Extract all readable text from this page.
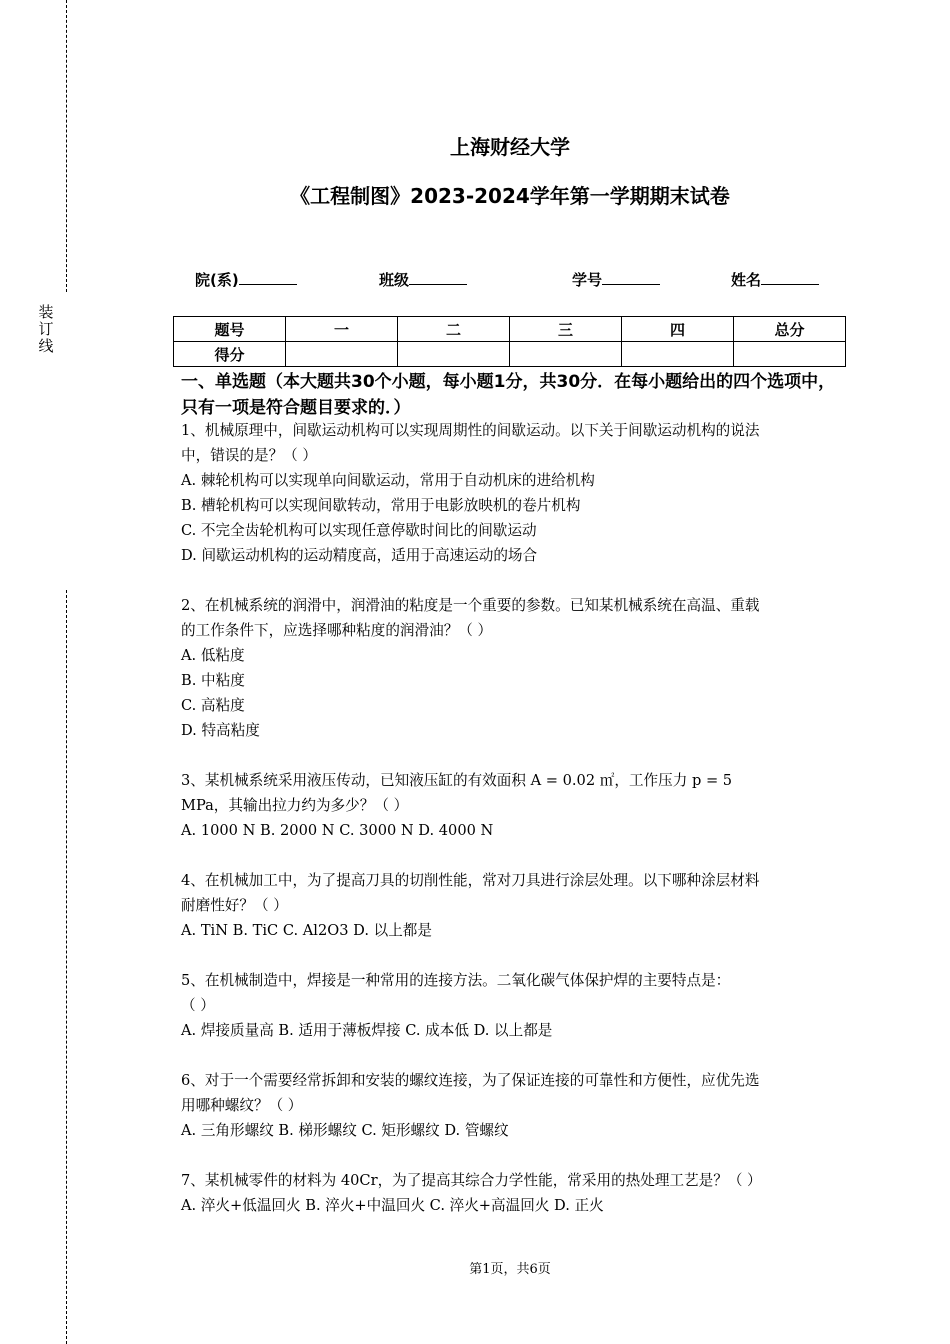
装
订
线
上海财经大学
《工程制图》2023-2024学年第一学期期末试卷
院(系)	班级	学号	姓名
题号	一	二	三	四	总分
得分					
一、单选题（本大题共30个小题，每小题1分，共30分．在每小题给出的四个选项中，只有一项是符合题目要求的．）
1、机械原理中，间歇运动机构可以实现周期性的间歇运动。以下关于间歇运动机构的说法
中，错误的是？（ ）
A. 棘轮机构可以实现单向间歇运动，常用于自动机床的进给机构
B. 槽轮机构可以实现间歇转动，常用于电影放映机的卷片机构
C. 不完全齿轮机构可以实现任意停歇时间比的间歇运动
D. 间歇运动机构的运动精度高，适用于高速运动的场合
2、在机械系统的润滑中，润滑油的粘度是一个重要的参数。已知某机械系统在高温、重载
的工作条件下，应选择哪种粘度的润滑油？（ ）
A. 低粘度
B. 中粘度
C. 高粘度
D. 特高粘度
3、某机械系统采用液压传动，已知液压缸的有效面积 A = 0.02 ㎡，工作压力 p = 5
MPa，其输出拉力约为多少？（ ）
A. 1000 N B. 2000 N C. 3000 N D. 4000 N
4、在机械加工中，为了提高刀具的切削性能，常对刀具进行涂层处理。以下哪种涂层材料
耐磨性好？（ ）
A. TiN B. TiC C. Al2O3 D. 以上都是
5、在机械制造中，焊接是一种常用的连接方法。二氧化碳气体保护焊的主要特点是：
（ ）
A. 焊接质量高 B. 适用于薄板焊接 C. 成本低 D. 以上都是
6、对于一个需要经常拆卸和安装的螺纹连接，为了保证连接的可靠性和方便性，应优先选
用哪种螺纹？（ ）
A. 三角形螺纹 B. 梯形螺纹 C. 矩形螺纹 D. 管螺纹
7、某机械零件的材料为 40Cr，为了提高其综合力学性能，常采用的热处理工艺是？（ ）
A. 淬火+低温回火 B. 淬火+中温回火 C. 淬火+高温回火 D. 正火
第1页，共6页
